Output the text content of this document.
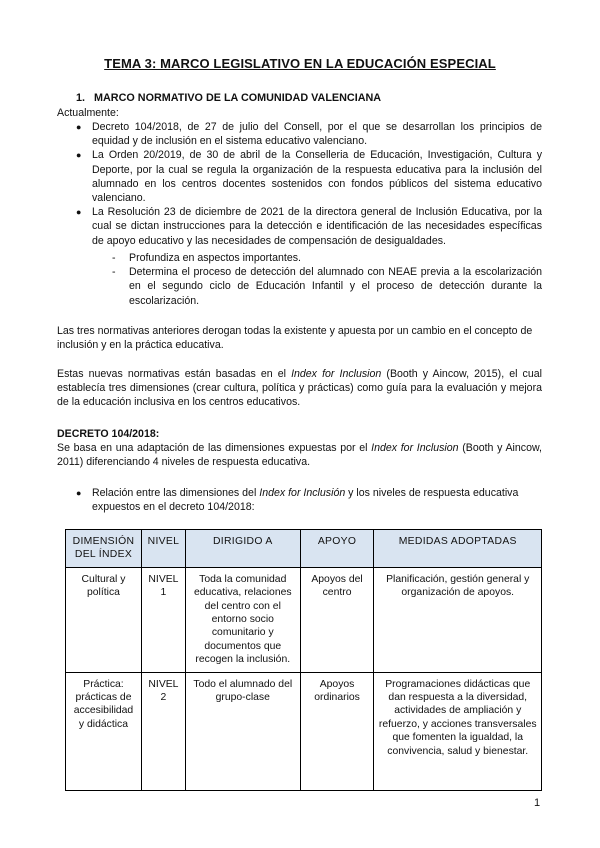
TEMA 3: MARCO LEGISLATIVO EN LA EDUCACIÓN ESPECIAL
1. MARCO NORMATIVO DE LA COMUNIDAD VALENCIANA
Actualmente:
● Decreto 104/2018, de 27 de julio del Consell, por el que se desarrollan los principios de equidad y de inclusión en el sistema educativo valenciano.
● La Orden 20/2019, de 30 de abril de la Conselleria de Educación, Investigación, Cultura y Deporte, por la cual se regula la organización de la respuesta educativa para la inclusión del alumnado en los centros docentes sostenidos con fondos públicos del sistema educativo valenciano.
● La Resolución 23 de diciembre de 2021 de la directora general de Inclusión Educativa, por la cual se dictan instrucciones para la detección e identificación de las necesidades específicas de apoyo educativo y las necesidades de compensación de desigualdades.
- Profundiza en aspectos importantes.
- Determina el proceso de detección del alumnado con NEAE previa a la escolarización en el segundo ciclo de Educación Infantil y el proceso de detección durante la escolarización.
Las tres normativas anteriores derogan todas la existente y apuesta por un cambio en el concepto de inclusión y en la práctica educativa.
Estas nuevas normativas están basadas en el Index for Inclusion (Booth y Aincow, 2015), el cual establecía tres dimensiones (crear cultura, política y prácticas) como guía para la evaluación y mejora de la educación inclusiva en los centros educativos.
DECRETO 104/2018:
Se basa en una adaptación de las dimensiones expuestas por el Index for Inclusion (Booth y Aincow, 2011) diferenciando 4 niveles de respuesta educativa.
● Relación entre las dimensiones del Index for Inclusión y los niveles de respuesta educativa expuestos en el decreto 104/2018:
DIMENSIÓN DEL ÍNDEX	NIVEL	DIRIGIDO A	APOYO	MEDIDAS ADOPTADAS
Cultural y política	NIVEL 1	Toda la comunidad educativa, relaciones del centro con el entorno socio comunitario y documentos que recogen la inclusión.	Apoyos del centro	Planificación, gestión general y organización de apoyos.
Práctica: prácticas de accesibilidad y didáctica	NIVEL 2	Todo el alumnado del grupo-clase	Apoyos ordinarios	Programaciones didácticas que dan respuesta a la diversidad, actividades de ampliación y refuerzo, y acciones transversales que fomenten la igualdad, la convivencia, salud y bienestar.
1
